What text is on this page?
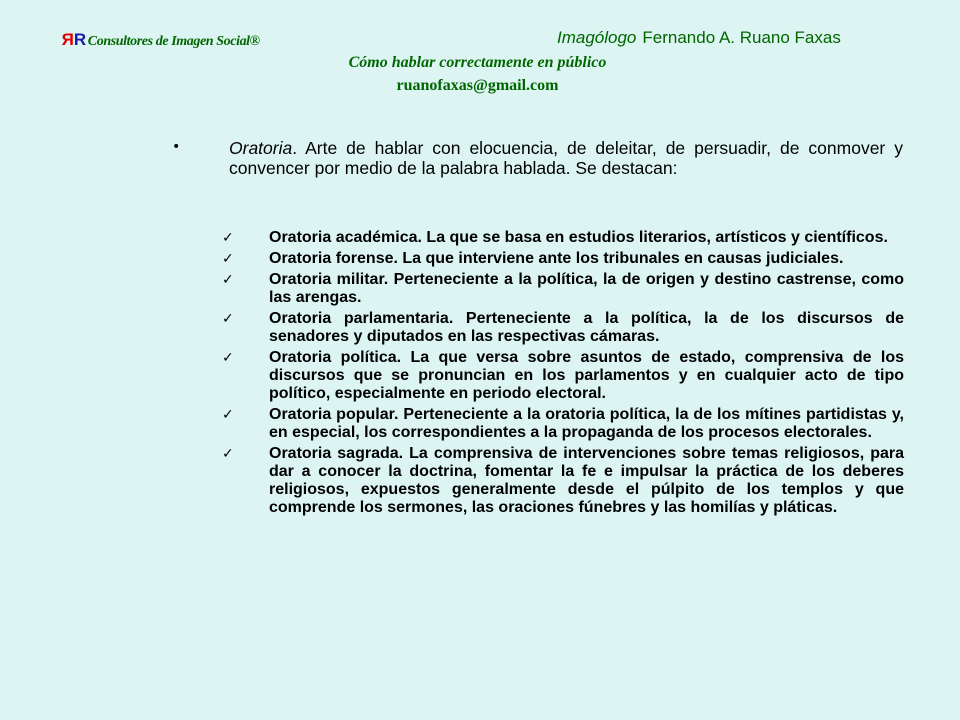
RR Consultores de Imagen Social®	Imagólogo Fernando A. Ruano Faxas
Cómo hablar correctamente en público
ruanofaxas@gmail.com
•	Oratoria. Arte de hablar con elocuencia, de deleitar, de persuadir, de conmover y convencer por medio de la palabra hablada. Se destacan:

✓ Oratoria académica. La que se basa en estudios literarios, artísticos y científicos.
✓ Oratoria forense. La que interviene ante los tribunales en causas judiciales.
✓ Oratoria militar. Perteneciente a la política, la de origen y destino castrense, como las arengas.
✓ Oratoria parlamentaria. Perteneciente a la política, la de los discursos de senadores y diputados en las respectivas cámaras.
✓ Oratoria política. La que versa sobre asuntos de estado, comprensiva de los discursos que se pronuncian en los parlamentos y en cualquier acto de tipo político, especialmente en periodo electoral.
✓ Oratoria popular. Perteneciente a la oratoria política, la de los mítines partidistas y, en especial, los correspondientes a la propaganda de los procesos electorales.
✓ Oratoria sagrada. La comprensiva de intervenciones sobre temas religiosos, para dar a conocer la doctrina, fomentar la fe e impulsar la práctica de los deberes religiosos, expuestos generalmente desde el púlpito de los templos y que comprende los sermones, las oraciones fúnebres y las homilías y pláticas.
